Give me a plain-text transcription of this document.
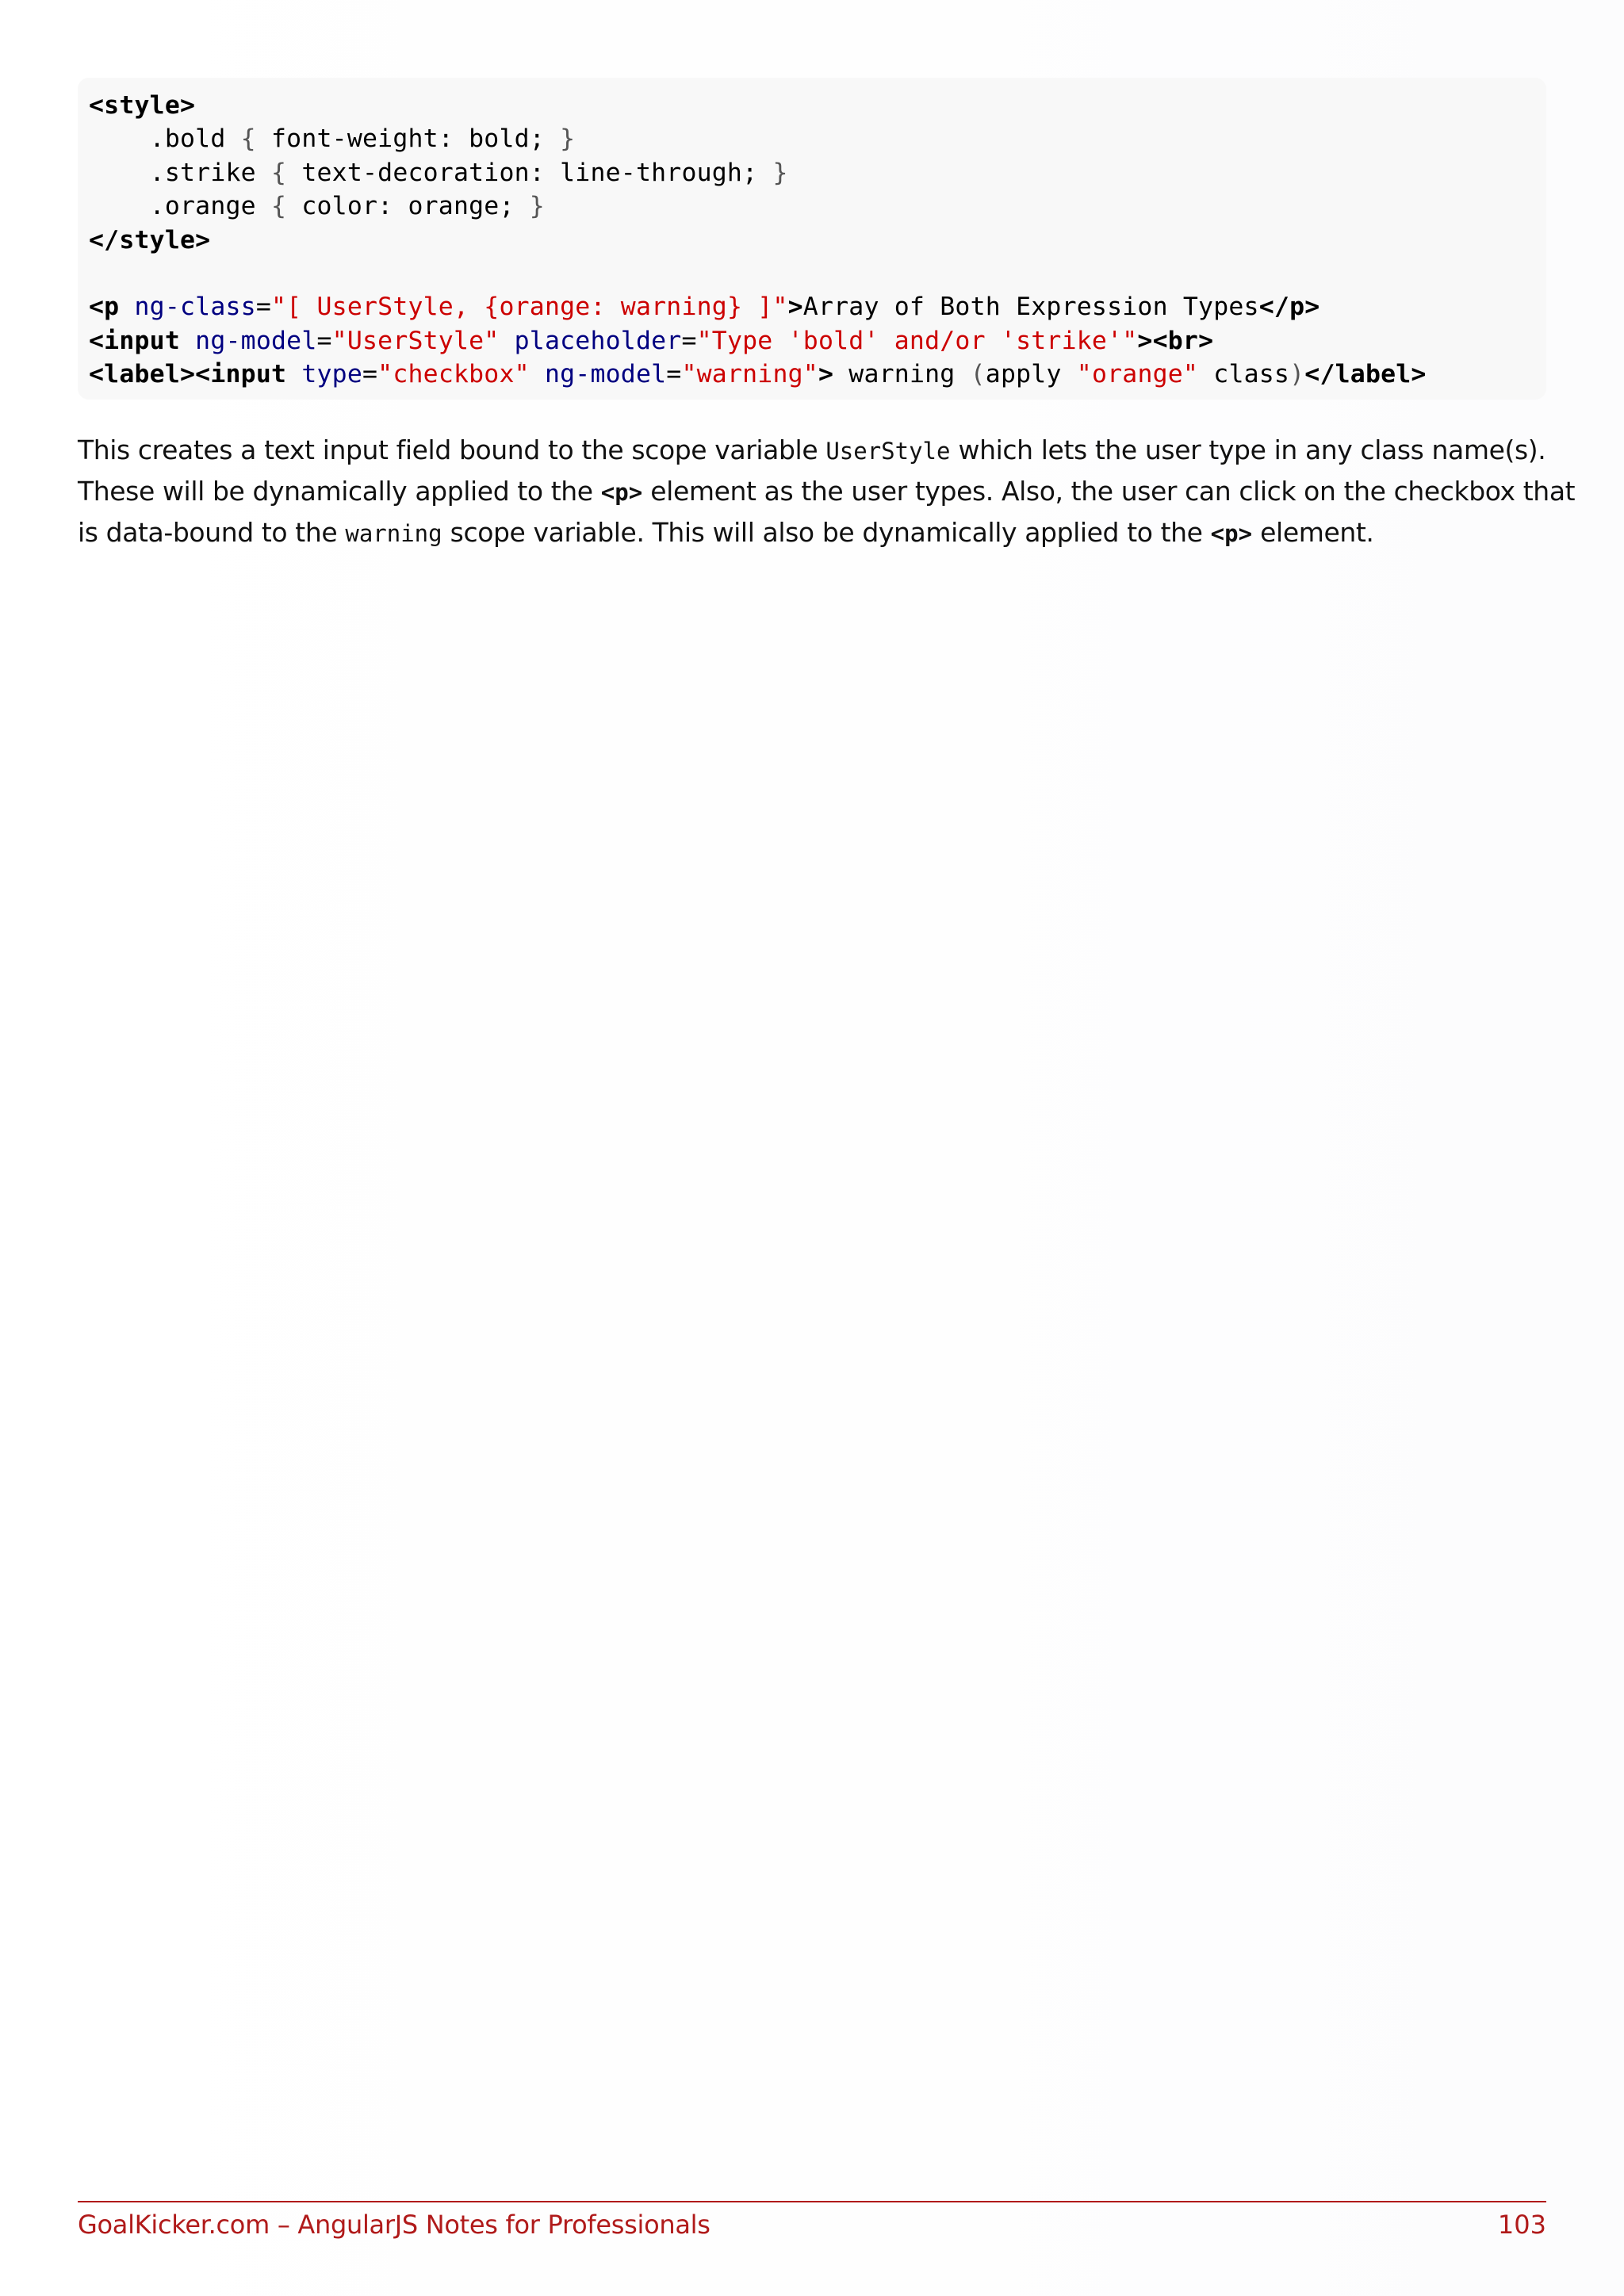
<style>
.bold { font-weight: bold; }
.strike { text-decoration: line-through; }
.orange { color: orange; }
</style>
<p ng-class="[ UserStyle, {orange: warning} ]">Array of Both Expression Types</p>
<input ng-model="UserStyle" placeholder="Type 'bold' and/or 'strike'"><br>
<label><input type="checkbox" ng-model="warning"> warning (apply "orange" class)</label>
This creates a text input field bound to the scope variable UserStyle which lets the user type in any class name(s).
These will be dynamically applied to the <p> element as the user types. Also, the user can click on the checkbox that
is data-bound to the warning scope variable. This will also be dynamically applied to the <p> element.
GoalKicker.com – AngularJS Notes for Professionals	103
